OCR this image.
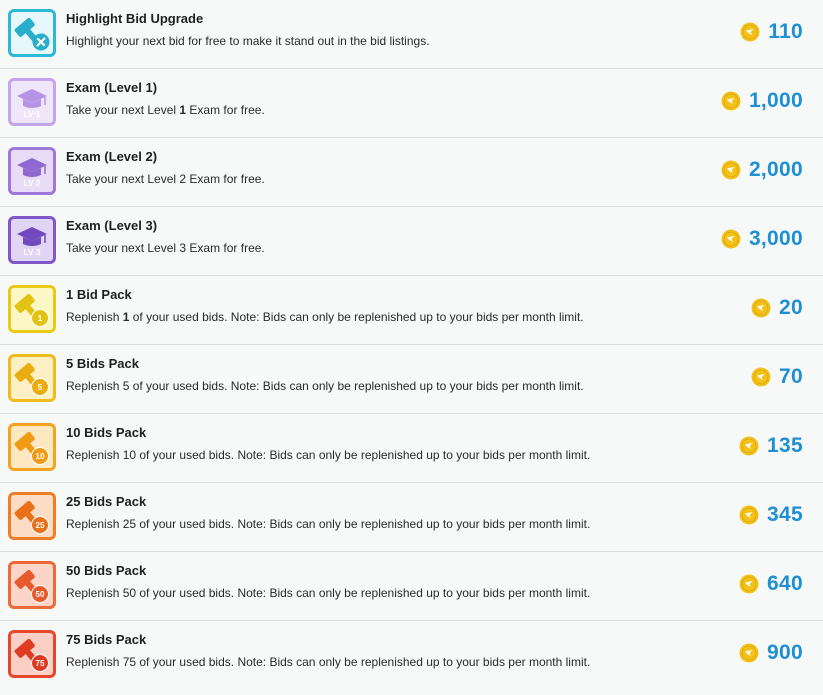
Highlight Bid Upgrade
Highlight your next bid for free to make it stand out in the bid listings.	110
LV 1
Exam (Level 1)
Take your next Level 1 Exam for free.	1,000
LV 2
Exam (Level 2)
Take your next Level 2 Exam for free.	2,000
LV 3
Exam (Level 3)
Take your next Level 3 Exam for free.	3,000
1
1 Bid Pack
Replenish 1 of your used bids. Note: Bids can only be replenished up to your bids per month limit.	20
5
5 Bids Pack
Replenish 5 of your used bids. Note: Bids can only be replenished up to your bids per month limit.	70
10
10 Bids Pack
Replenish 10 of your used bids. Note: Bids can only be replenished up to your bids per month limit.	135
25
25 Bids Pack
Replenish 25 of your used bids. Note: Bids can only be replenished up to your bids per month limit.	345
50
50 Bids Pack
Replenish 50 of your used bids. Note: Bids can only be replenished up to your bids per month limit.	640
75
75 Bids Pack
Replenish 75 of your used bids. Note: Bids can only be replenished up to your bids per month limit.	900
